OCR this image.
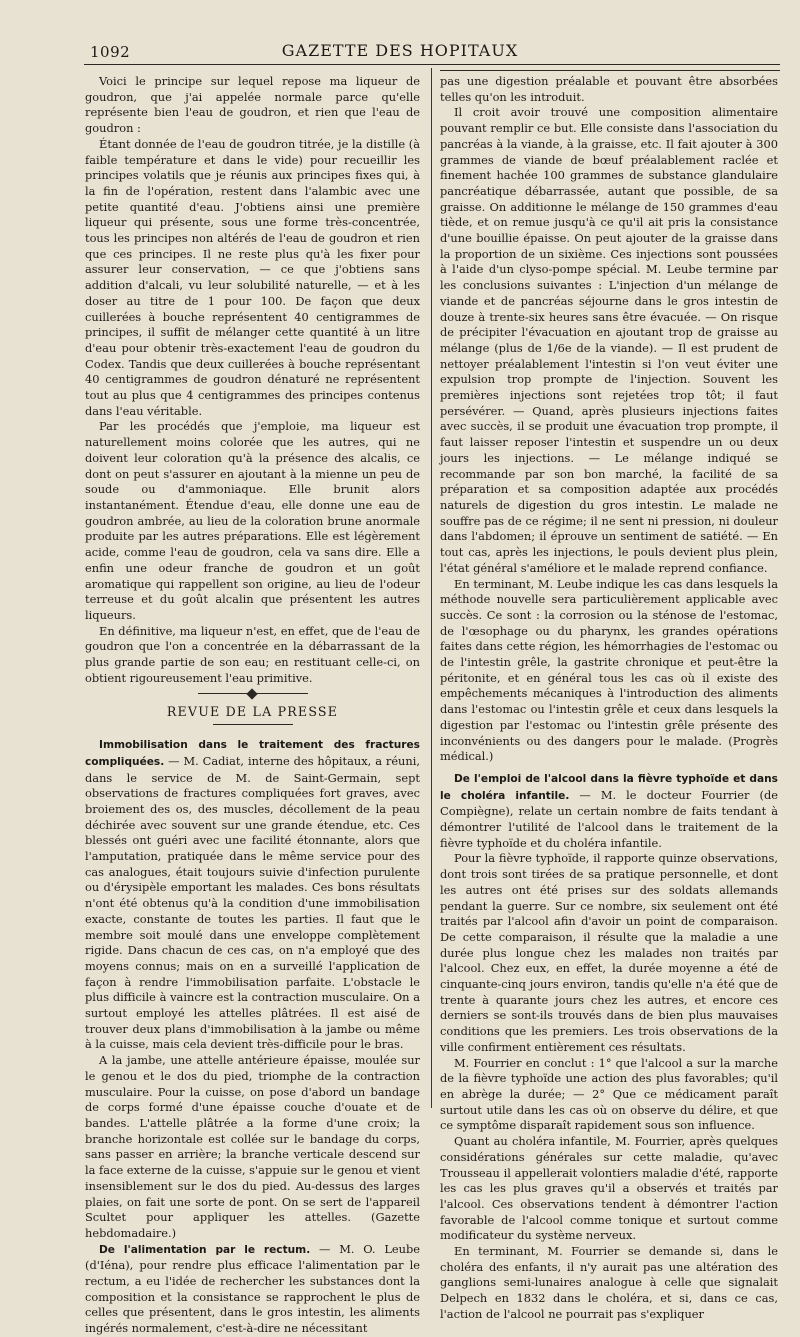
1092	GAZETTE DES HOPITAUX

Voici le principe sur lequel repose ma liqueur de goudron, que j'ai appelée normale parce qu'elle représente bien l'eau de goudron, et rien que l'eau de goudron :

Étant donnée de l'eau de goudron titrée, je la distille (à faible température et dans le vide) pour recueillir les principes volatils que je réunis aux principes fixes qui, à la fin de l'opération, restent dans l'alambic avec une petite quantité d'eau. J'obtiens ainsi une première liqueur qui présente, sous une forme très-concentrée, tous les principes non altérés de l'eau de goudron et rien que ces principes. Il ne reste plus qu'à les fixer pour assurer leur conservation, — ce que j'obtiens sans addition d'alcali, vu leur solubilité naturelle, — et à les doser au titre de 1 pour 100. De façon que deux cuillerées à bouche représentent 40 centigrammes de principes, il suffit de mélanger cette quantité à un litre d'eau pour obtenir très-exactement l'eau de goudron du Codex. Tandis que deux cuillerées à bouche représentant 40 centigrammes de goudron dénaturé ne représentent tout au plus que 4 centigrammes des principes contenus dans l'eau véritable.

Par les procédés que j'emploie, ma liqueur est naturellement moins colorée que les autres, qui ne doivent leur coloration qu'à la présence des alcalis, ce dont on peut s'assurer en ajoutant à la mienne un peu de soude ou d'ammoniaque. Elle brunit alors instantanément. Étendue d'eau, elle donne une eau de goudron ambrée, au lieu de la coloration brune anormale produite par les autres préparations. Elle est légèrement acide, comme l'eau de goudron, cela va sans dire. Elle a enfin une odeur franche de goudron et un goût aromatique qui rappellent son origine, au lieu de l'odeur terreuse et du goût alcalin que présentent les autres liqueurs.

En définitive, ma liqueur n'est, en effet, que de l'eau de goudron que l'on a concentrée en la débarrassant de la plus grande partie de son eau; en restituant celle-ci, on obtient rigoureusement l'eau primitive.

REVUE DE LA PRESSE

Immobilisation dans le traitement des fractures compliquées. — M. Cadiat, interne des hôpitaux, a réuni, dans le service de M. de Saint-Germain, sept observations de fractures compliquées fort graves, avec broiement des os, des muscles, décollement de la peau déchirée avec souvent sur une grande étendue, etc. Ces blessés ont guéri avec une facilité étonnante, alors que l'amputation, pratiquée dans le même service pour des cas analogues, était toujours suivie d'infection purulente ou d'érysipèle emportant les malades. Ces bons résultats n'ont été obtenus qu'à la condition d'une immobilisation exacte, constante de toutes les parties. Il faut que le membre soit moulé dans une enveloppe complètement rigide. Dans chacun de ces cas, on n'a employé que des moyens connus; mais on en a surveillé l'application de façon à rendre l'immobilisation parfaite. L'obstacle le plus difficile à vaincre est la contraction musculaire. On a surtout employé les attelles plâtrées. Il est aisé de trouver deux plans d'immobilisation à la jambe ou même à la cuisse, mais cela devient très-difficile pour le bras.

A la jambe, une attelle antérieure épaisse, moulée sur le genou et le dos du pied, triomphe de la contraction musculaire. Pour la cuisse, on pose d'abord un bandage de corps formé d'une épaisse couche d'ouate et de bandes. L'attelle plâtrée a la forme d'une croix; la branche horizontale est collée sur le bandage du corps, sans passer en arrière; la branche verticale descend sur la face externe de la cuisse, s'appuie sur le genou et vient insensiblement sur le dos du pied. Au-dessus des larges plaies, on fait une sorte de pont. On se sert de l'appareil Scultet pour appliquer les attelles. (Gazette hebdomadaire.)

De l'alimentation par le rectum. — M. O. Leube (d'Iéna), pour rendre plus efficace l'alimentation par le rectum, a eu l'idée de rechercher les substances dont la composition et la consistance se rapprochent le plus de celles que présentent, dans le gros intestin, les aliments ingérés normalement, c'est-à-dire ne nécessitant

pas une digestion préalable et pouvant être absorbées telles qu'on les introduit.

Il croit avoir trouvé une composition alimentaire pouvant remplir ce but. Elle consiste dans l'association du pancréas à la viande, à la graisse, etc. Il fait ajouter à 300 grammes de viande de bœuf préalablement raclée et finement hachée 100 grammes de substance glandulaire pancréatique débarrassée, autant que possible, de sa graisse. On additionne le mélange de 150 grammes d'eau tiède, et on remue jusqu'à ce qu'il ait pris la consistance d'une bouillie épaisse. On peut ajouter de la graisse dans la proportion de un sixième. Ces injections sont poussées à l'aide d'un clyso-pompe spécial. M. Leube termine par les conclusions suivantes : L'injection d'un mélange de viande et de pancréas séjourne dans le gros intestin de douze à trente-six heures sans être évacuée. — On risque de précipiter l'évacuation en ajoutant trop de graisse au mélange (plus de 1/6e de la viande). — Il est prudent de nettoyer préalablement l'intestin si l'on veut éviter une expulsion trop prompte de l'injection. Souvent les premières injections sont rejetées trop tôt; il faut persévérer. — Quand, après plusieurs injections faites avec succès, il se produit une évacuation trop prompte, il faut laisser reposer l'intestin et suspendre un ou deux jours les injections. — Le mélange indiqué se recommande par son bon marché, la facilité de sa préparation et sa composition adaptée aux procédés naturels de digestion du gros intestin. Le malade ne souffre pas de ce régime; il ne sent ni pression, ni douleur dans l'abdomen; il éprouve un sentiment de satiété. — En tout cas, après les injections, le pouls devient plus plein, l'état général s'améliore et le malade reprend confiance.

En terminant, M. Leube indique les cas dans lesquels la méthode nouvelle sera particulièrement applicable avec succès. Ce sont : la corrosion ou la sténose de l'estomac, de l'œsophage ou du pharynx, les grandes opérations faites dans cette région, les hémorrhagies de l'estomac ou de l'intestin grêle, la gastrite chronique et peut-être la péritonite, et en général tous les cas où il existe des empêchements mécaniques à l'introduction des aliments dans l'estomac ou l'intestin grêle et ceux dans lesquels la digestion par l'estomac ou l'intestin grêle présente des inconvénients ou des dangers pour le malade. (Progrès médical.)

De l'emploi de l'alcool dans la fièvre typhoïde et dans le choléra infantile. — M. le docteur Fourrier (de Compiègne), relate un certain nombre de faits tendant à démontrer l'utilité de l'alcool dans le traitement de la fièvre typhoïde et du choléra infantile.

Pour la fièvre typhoïde, il rapporte quinze observations, dont trois sont tirées de sa pratique personnelle, et dont les autres ont été prises sur des soldats allemands pendant la guerre. Sur ce nombre, six seulement ont été traités par l'alcool afin d'avoir un point de comparaison. De cette comparaison, il résulte que la maladie a une durée plus longue chez les malades non traités par l'alcool. Chez eux, en effet, la durée moyenne a été de cinquante-cinq jours environ, tandis qu'elle n'a été que de trente à quarante jours chez les autres, et encore ces derniers se sont-ils trouvés dans de bien plus mauvaises conditions que les premiers. Les trois observations de la ville confirment entièrement ces résultats.

M. Fourrier en conclut : 1° que l'alcool a sur la marche de la fièvre typhoïde une action des plus favorables; qu'il en abrège la durée; — 2° Que ce médicament paraît surtout utile dans les cas où on observe du délire, et que ce symptôme disparaît rapidement sous son influence.

Quant au choléra infantile, M. Fourrier, après quelques considérations générales sur cette maladie, qu'avec Trousseau il appellerait volontiers maladie d'été, rapporte les cas les plus graves qu'il a observés et traités par l'alcool. Ces observations tendent à démontrer l'action favorable de l'alcool comme tonique et surtout comme modificateur du système nerveux.

En terminant, M. Fourrier se demande si, dans le choléra des enfants, il n'y aurait pas une altération des ganglions semi-lunaires analogue à celle que signalait Delpech en 1832 dans le choléra, et si, dans ce cas, l'action de l'alcool ne pourrait pas s'expliquer
